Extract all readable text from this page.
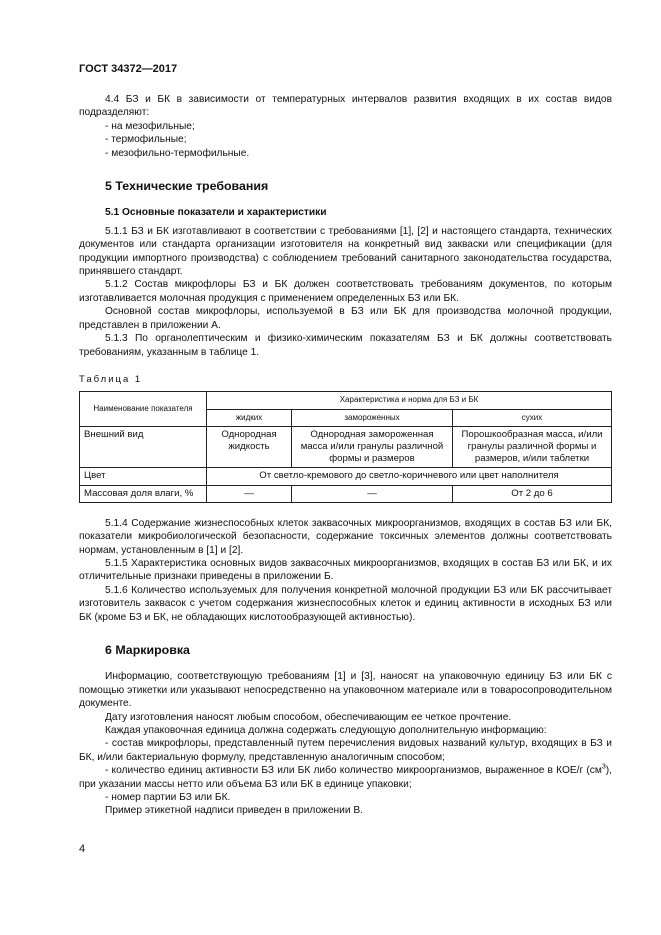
ГОСТ 34372—2017

4.4 БЗ и БК в зависимости от температурных интервалов развития входящих в их состав видов подразделяют:

- на мезофильные;

- термофильные;

- мезофильно-термофильные.

5 Технические требования
5.1 Основные показатели и характеристики

5.1.1 БЗ и БК изготавливают в соответствии с требованиями [1], [2] и настоящего стандарта, технических документов или стандарта организации изготовителя на конкретный вид закваски или спецификации (для продукции импортного производства) с соблюдением требований санитарного законодательства государства, принявшего стандарт.

5.1.2 Состав микрофлоры БЗ и БК должен соответствовать требованиям документов, по которым изготавливается молочная продукция с применением определенных БЗ или БК.

Основной состав микрофлоры, используемой в БЗ или БК для производства молочной продукции, представлен в приложении А.

5.1.3 По органолептическим и физико-химическим показателям БЗ и БК должны соответствовать требованиям, указанным в таблице 1.

Таблица 1
Наименование показателя	Характеристика и норма для БЗ и БК		
	жидких	замороженных	сухих
Внешний вид	Однородная жидкость	Однородная замороженная масса и/или гранулы различной формы и размеров	Порошкообразная масса, и/или гранулы различной формы и размеров, и/или таблетки
Цвет	От светло-кремового до светло-коричневого или цвет наполнителя		
Массовая доля влаги, %	—	—	От 2 до 6

5.1.4 Содержание жизнеспособных клеток заквасочных микроорганизмов, входящих в состав БЗ или БК, показатели микробиологической безопасности, содержание токсичных элементов должны соответствовать нормам, установленным в [1] и [2].

5.1.5 Характеристика основных видов заквасочных микроорганизмов, входящих в состав БЗ или БК, и их отличительные признаки приведены в приложении Б.

5.1.6 Количество используемых для получения конкретной молочной продукции БЗ или БК рассчитывает изготовитель заквасок с учетом содержания жизнеспособных клеток и единиц активности в исходных БЗ или БК (кроме БЗ и БК, не обладающих кислотообразующей активностью).

6 Маркировка

Информацию, соответствующую требованиям [1] и [3], наносят на упаковочную единицу БЗ или БК с помощью этикетки или указывают непосредственно на упаковочном материале или в товаросопроводительном документе.

Дату изготовления наносят любым способом, обеспечивающим ее четкое прочтение.

Каждая упаковочная единица должна содержать следующую дополнительную информацию:

- состав микрофлоры, представленный путем перечисления видовых названий культур, входящих в БЗ и БК, и/или бактериальную формулу, представленную аналогичным способом;

- количество единиц активности БЗ или БК либо количество микроорганизмов, выраженное в КОЕ/г $(см^3)$, при указании массы нетто или объема БЗ или БК в единице упаковки;

- номер партии БЗ или БК.

Пример этикетной надписи приведен в приложении В.

4
